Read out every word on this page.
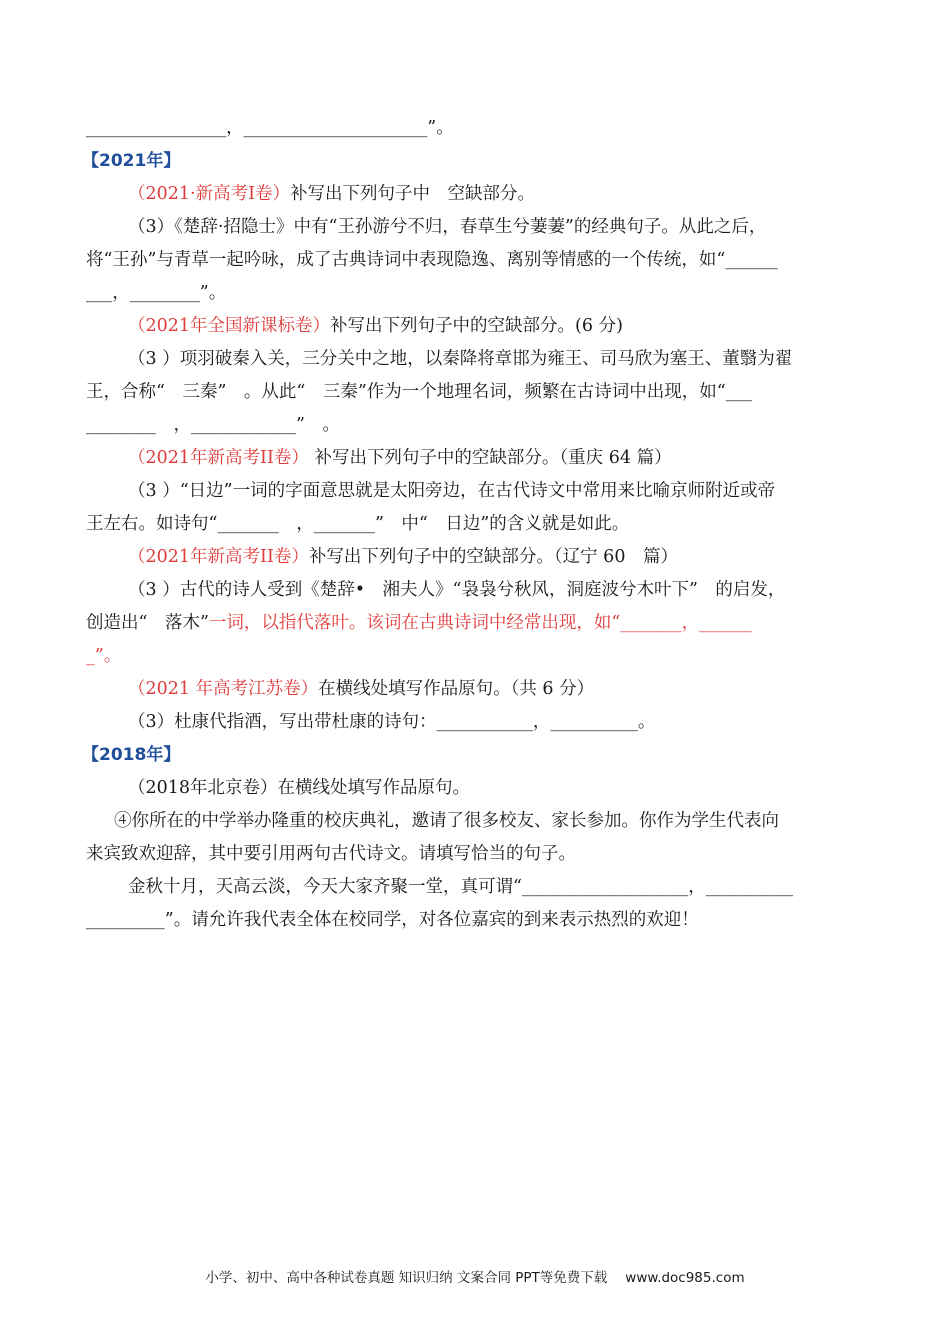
________________，_____________________”。
【2021年】
（2021·新高考Ⅰ卷）补写出下列句子中　空缺部分。
（3）《楚辞·招隐士》中有“王孙游兮不归，春草生兮萋萋”的经典句子。从此之后，
将“王孙”与青草一起吟咏，成了古典诗词中表现隐逸、离别等情感的一个传统，如“______
___，________”。
（2021年全国新课标卷）补写出下列句子中的空缺部分。(6 分)
（3 ）项羽破秦入关，三分关中之地，以秦降将章邯为雍王、司马欣为塞王、董翳为翟
王，合称“　三秦”　。从此“　三秦”作为一个地理名词，频繁在古诗词中出现，如“___
________　，____________”　。
（2021年新高考II卷） 补写出下列句子中的空缺部分。（重庆 64 篇）
（3 ）“日边”一词的字面意思就是太阳旁边，在古代诗文中常用来比喻京师附近或帝
王左右。如诗句“_______　，_______”　中“　日边”的含义就是如此。
（2021年新高考II卷）补写出下列句子中的空缺部分。（辽宁 60　篇）
（3 ）古代的诗人受到《楚辞•　湘夫人》“袅袅兮秋风，洞庭波兮木叶下”　的启发，
创造出“　落木”一词，以指代落叶。该词在古典诗词中经常出现，如“_______，______
_”。
（2021 年高考江苏卷）在横线处填写作品原句。（共 6 分）
（3）杜康代指酒，写出带杜康的诗句：___________，__________。
【2018年】
（2018年北京卷）在横线处填写作品原句。
④你所在的中学举办隆重的校庆典礼，邀请了很多校友、家长参加。你作为学生代表向
来宾致欢迎辞，其中要引用两句古代诗文。请填写恰当的句子。
金秋十月，天高云淡，今天大家齐聚一堂，真可谓“___________________，__________
_________”。请允许我代表全体在校同学，对各位嘉宾的到来表示热烈的欢迎！
小学、初中、高中各种试卷真题 知识归纳 文案合同 PPT等免费下载 www.doc985.com
